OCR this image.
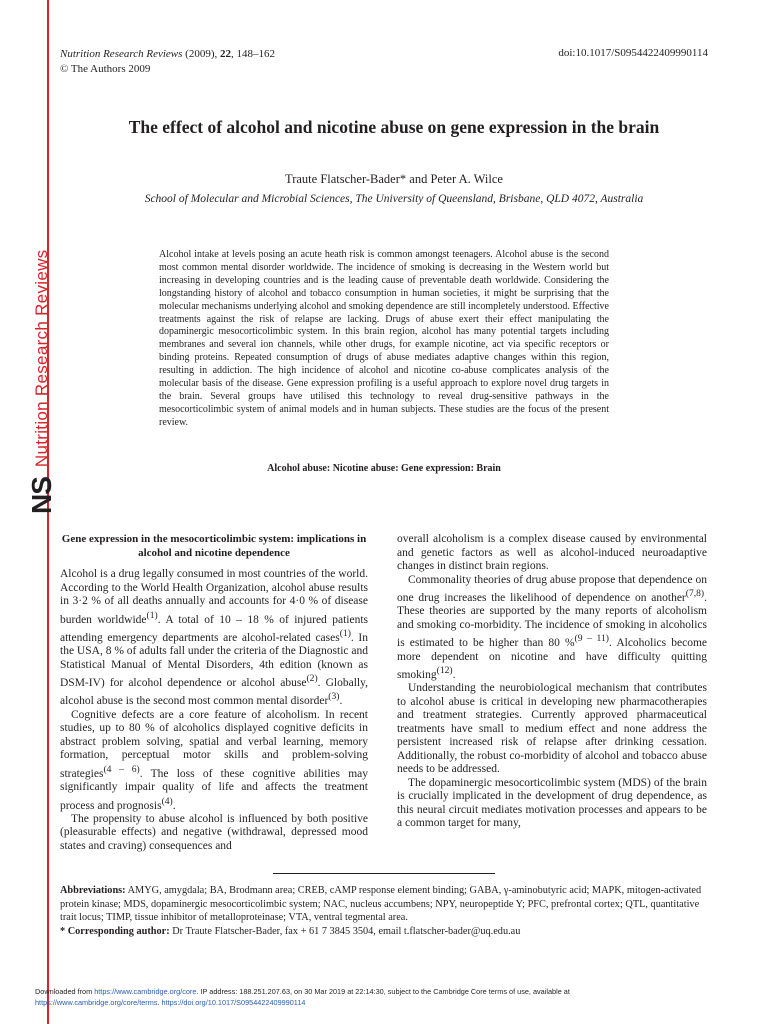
NS
Nutrition Research Reviews
Nutrition Research Reviews (2009), 22, 148–162
© The Authors 2009
doi:10.1017/S0954422409990114
The effect of alcohol and nicotine abuse on gene expression in the brain
Traute Flatscher-Bader* and Peter A. Wilce
School of Molecular and Microbial Sciences, The University of Queensland, Brisbane, QLD 4072, Australia
Alcohol intake at levels posing an acute heath risk is common amongst teenagers. Alcohol abuse is the second most common mental disorder worldwide. The incidence of smoking is decreasing in the Western world but increasing in developing countries and is the leading cause of preventable death worldwide. Considering the longstanding history of alcohol and tobacco consumption in human societies, it might be surprising that the molecular mechanisms underlying alcohol and smoking dependence are still incompletely understood. Effective treatments against the risk of relapse are lacking. Drugs of abuse exert their effect manipulating the dopaminergic mesocorticolimbic system. In this brain region, alcohol has many potential targets including membranes and several ion channels, while other drugs, for example nicotine, act via specific receptors or binding proteins. Repeated consumption of drugs of abuse mediates adaptive changes within this region, resulting in addiction. The high incidence of alcohol and nicotine co-abuse complicates analysis of the molecular basis of the disease. Gene expression profiling is a useful approach to explore novel drug targets in the brain. Several groups have utilised this technology to reveal drug-sensitive pathways in the mesocorticolimbic system of animal models and in human subjects. These studies are the focus of the present review.
Alcohol abuse: Nicotine abuse: Gene expression: Brain
Gene expression in the mesocorticolimbic system: implications in alcohol and nicotine dependence

Alcohol is a drug legally consumed in most countries of the world. According to the World Health Organization, alcohol abuse results in 3·2 % of all deaths annually and accounts for 4·0 % of disease burden worldwide$^{(1)}$. A total of 10 – 18 % of injured patients attending emergency departments are alcohol-related cases$^{(1)}$. In the USA, 8 % of adults fall under the criteria of the Diagnostic and Statistical Manual of Mental Disorders, 4th edition (known as DSM-IV) for alcohol dependence or alcohol abuse$^{(2)}$. Globally, alcohol abuse is the second most common mental disorder$^{(3)}$.

Cognitive defects are a core feature of alcoholism. In recent studies, up to 80 % of alcoholics displayed cognitive deficits in abstract problem solving, spatial and verbal learning, memory formation, perceptual motor skills and problem-solving strategies$^{(4 - 6)}$. The loss of these cognitive abilities may significantly impair quality of life and affects the treatment process and prognosis$^{(4)}$.

The propensity to abuse alcohol is influenced by both positive (pleasurable effects) and negative (withdrawal, depressed mood states and craving) consequences and

overall alcoholism is a complex disease caused by environmental and genetic factors as well as alcohol-induced neuroadaptive changes in distinct brain regions.

Commonality theories of drug abuse propose that dependence on one drug increases the likelihood of dependence on another$^{(7,8)}$. These theories are supported by the many reports of alcoholism and smoking co-morbidity. The incidence of smoking in alcoholics is estimated to be higher than 80 %$^{(9 - 11)}$. Alcoholics become more dependent on nicotine and have difficulty quitting smoking$^{(12)}$.

Understanding the neurobiological mechanism that contributes to alcohol abuse is critical in developing new pharmacotherapies and treatment strategies. Currently approved pharmaceutical treatments have small to medium effect and none address the persistent increased risk of relapse after drinking cessation. Additionally, the robust co-morbidity of alcohol and tobacco abuse needs to be addressed.

The dopaminergic mesocorticolimbic system (MDS) of the brain is crucially implicated in the development of drug dependence, as this neural circuit mediates motivation processes and appears to be a common target for many,

Abbreviations: AMYG, amygdala; BA, Brodmann area; CREB, cAMP response element binding; GABA, γ-aminobutyric acid; MAPK, mitogen-activated protein kinase; MDS, dopaminergic mesocorticolimbic system; NAC, nucleus accumbens; NPY, neuropeptide Y; PFC, prefrontal cortex; QTL, quantitative trait locus; TIMP, tissue inhibitor of metalloproteinase; VTA, ventral tegmental area.

* Corresponding author: Dr Traute Flatscher-Bader, fax + 61 7 3845 3504, email t.flatscher-bader@uq.edu.au

Downloaded from https://www.cambridge.org/core. IP address: 188.251.207.63, on 30 Mar 2019 at 22:14:30, subject to the Cambridge Core terms of use, available at
https://www.cambridge.org/core/terms. https://doi.org/10.1017/S0954422409990114
